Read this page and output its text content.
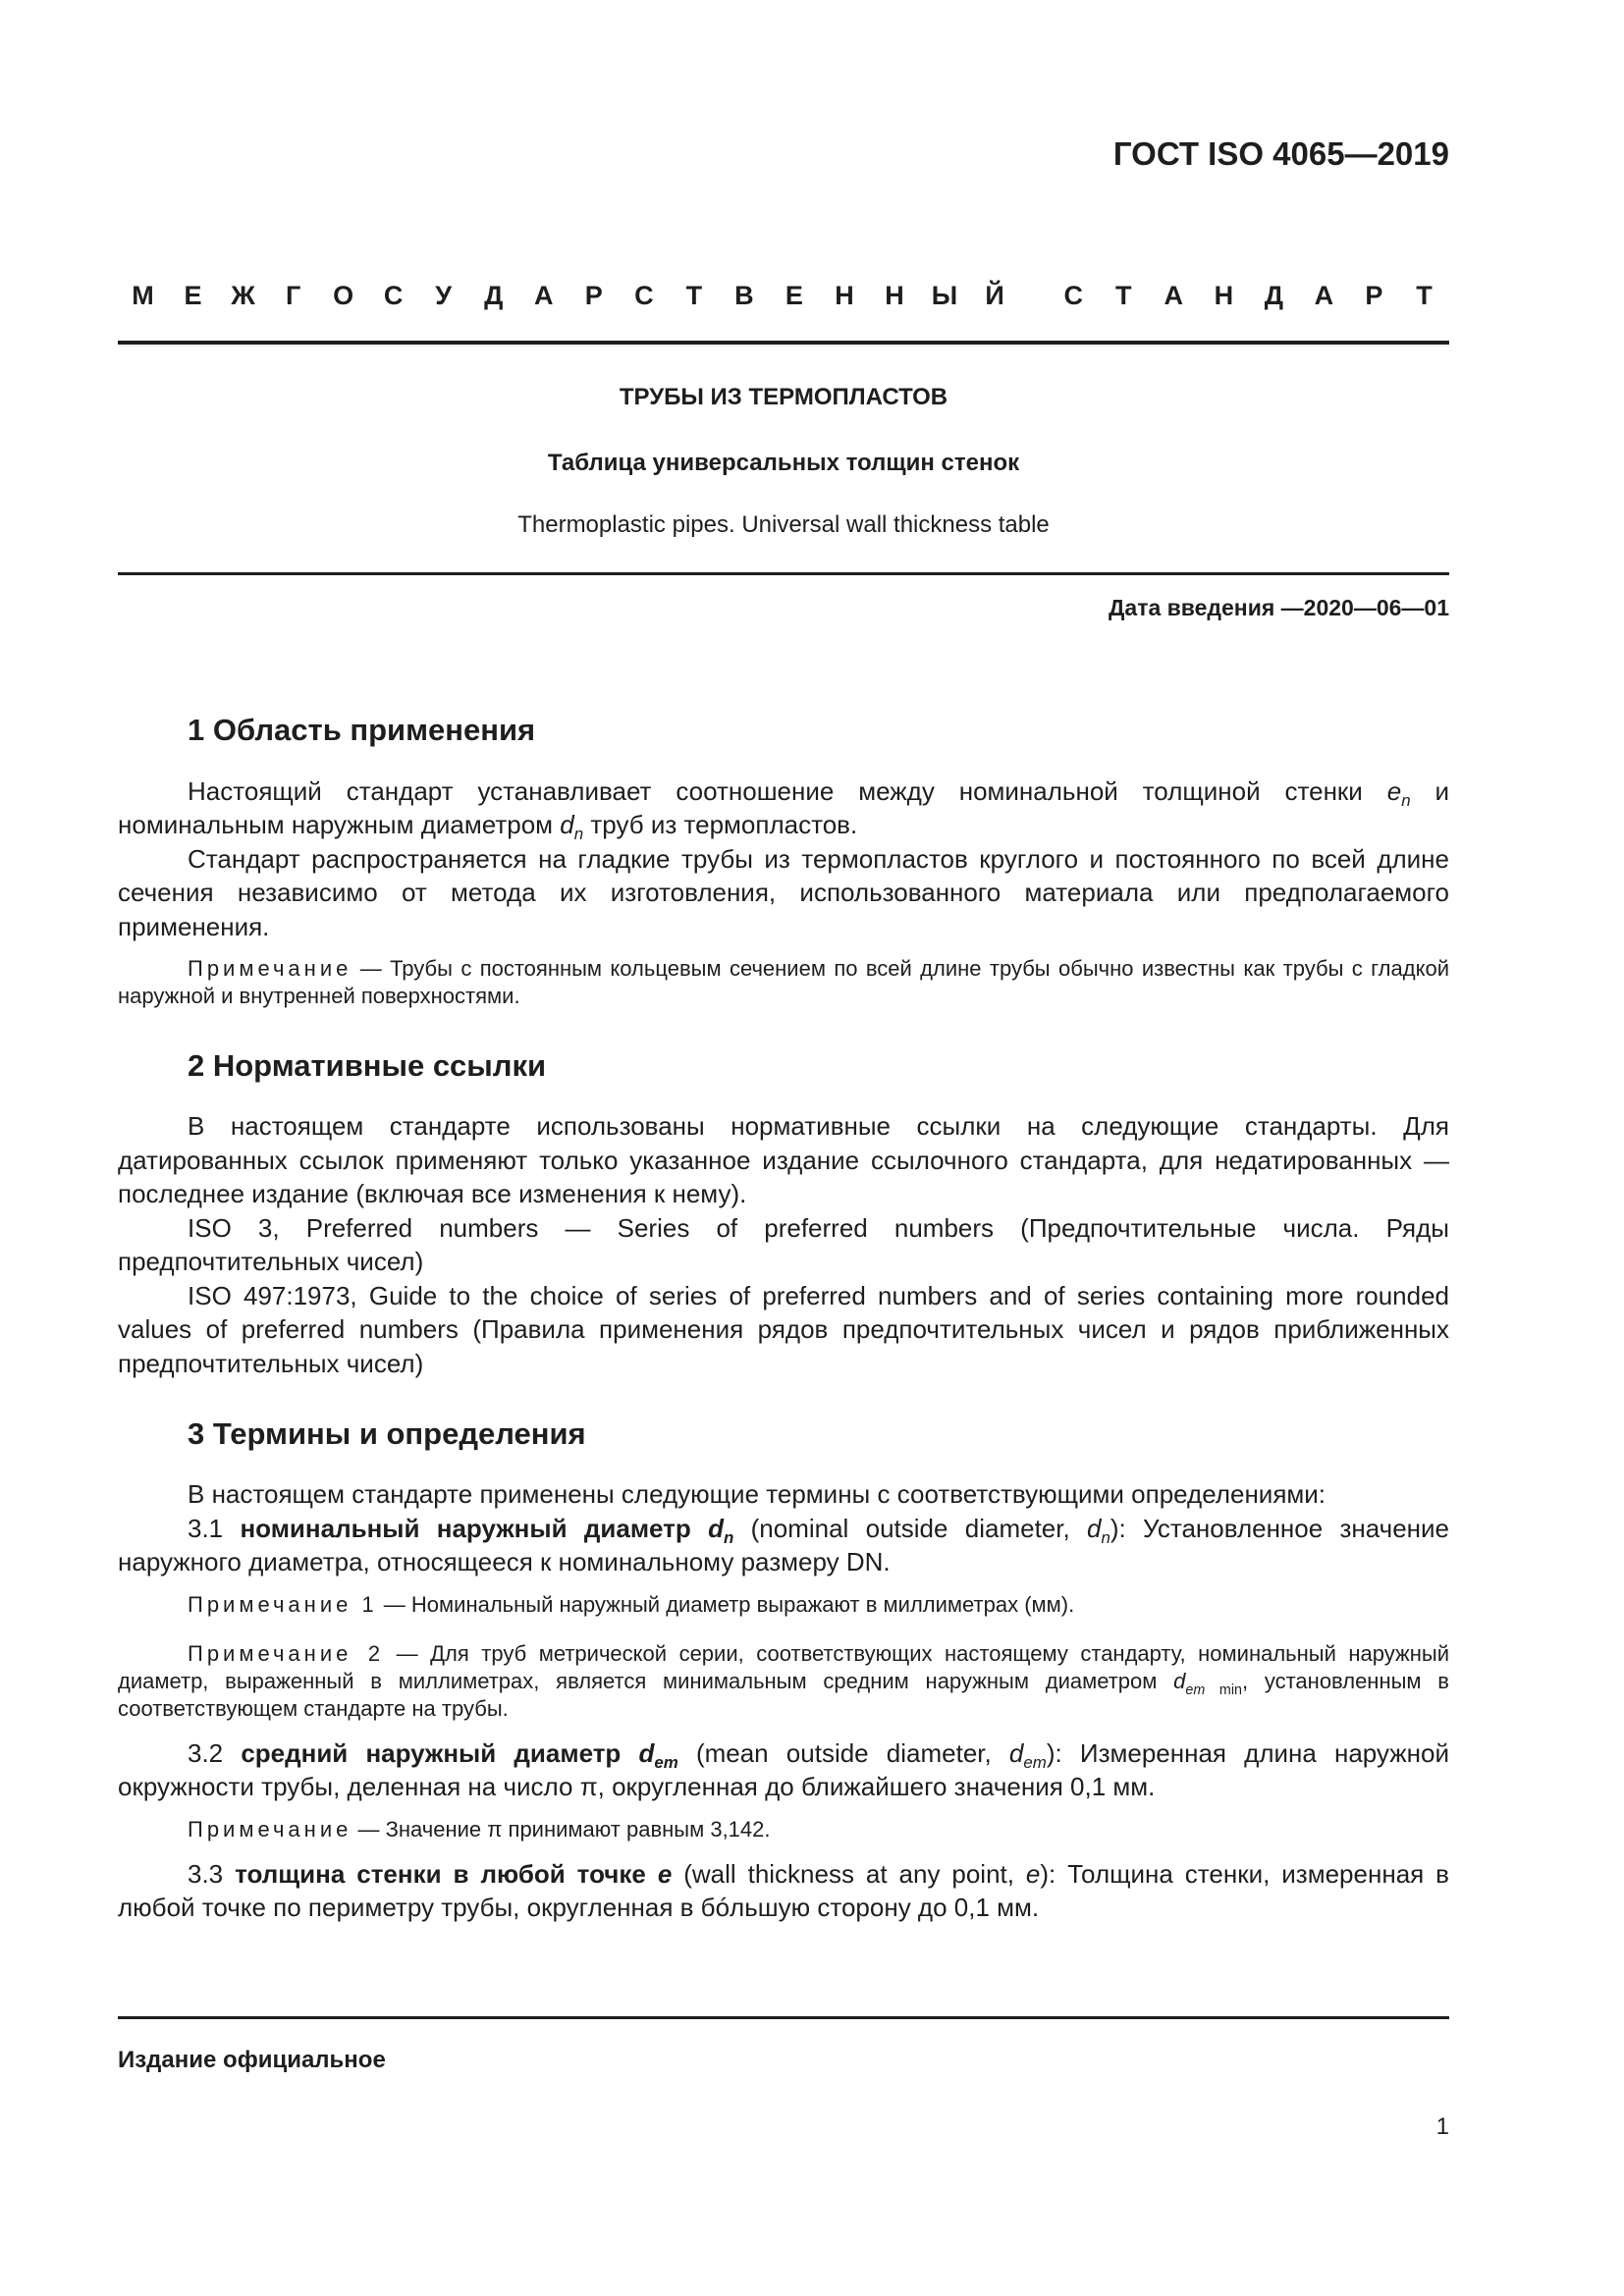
ГОСТ ISO 4065—2019

М	Е	Ж	Г	О	С	У	Д	А	Р	С	Т	В	Е	Н	Н	Ы	Й	С	Т	А	Н	Д	А	Р	Т
ТРУБЫ ИЗ ТЕРМОПЛАСТОВ
Таблица универсальных толщин стенок
Thermoplastic pipes. Universal wall thickness table
Дата введения —2020—06—01
1 Область применения

Настоящий стандарт устанавливает соотношение между номинальной толщиной стенки $e_n$ и номинальным наружным диаметром $d_n$ труб из термопластов.

Стандарт распространяется на гладкие трубы из термопластов круглого и постоянного по всей длине сечения независимо от метода их изготовления, использованного материала или предполагаемого применения.

Примечание — Трубы с постоянным кольцевым сечением по всей длине трубы обычно известны как трубы с гладкой наружной и внутренней поверхностями.

2 Нормативные ссылки

В настоящем стандарте использованы нормативные ссылки на следующие стандарты. Для датированных ссылок применяют только указанное издание ссылочного стандарта, для недатированных — последнее издание (включая все изменения к нему).

ISO 3, Preferred numbers — Series of preferred numbers (Предпочтительные числа. Ряды предпочтительных чисел)

ISO 497:1973, Guide to the choice of series of preferred numbers and of series containing more rounded values of preferred numbers (Правила применения рядов предпочтительных чисел и рядов приближенных предпочтительных чисел)

3 Термины и определения

В настоящем стандарте применены следующие термины с соответствующими определениями:

3.1 номинальный наружный диаметр $d_n$ (nominal outside diameter, $d_n$): Установленное значение наружного диаметра, относящееся к номинальному размеру DN.

Примечание 1 — Номинальный наружный диаметр выражают в миллиметрах (мм).

Примечание 2 — Для труб метрической серии, соответствующих настоящему стандарту, номинальный наружный диаметр, выраженный в миллиметрах, является минимальным средним наружным диаметром $d_{em min}$, установленным в соответствующем стандарте на трубы.

3.2 средний наружный диаметр $d_{em}$ (mean outside diameter, $d_{em}$): Измеренная длина наружной окружности трубы, деленная на число π, округленная до ближайшего значения 0,1 мм.

Примечание — Значение π принимают равным 3,142.

3.3 толщина стенки в любой точке e (wall thickness at any point, e): Толщина стенки, измеренная в любой точке по периметру трубы, округленная в бóльшую сторону до 0,1 мм.

Издание официальное
1
